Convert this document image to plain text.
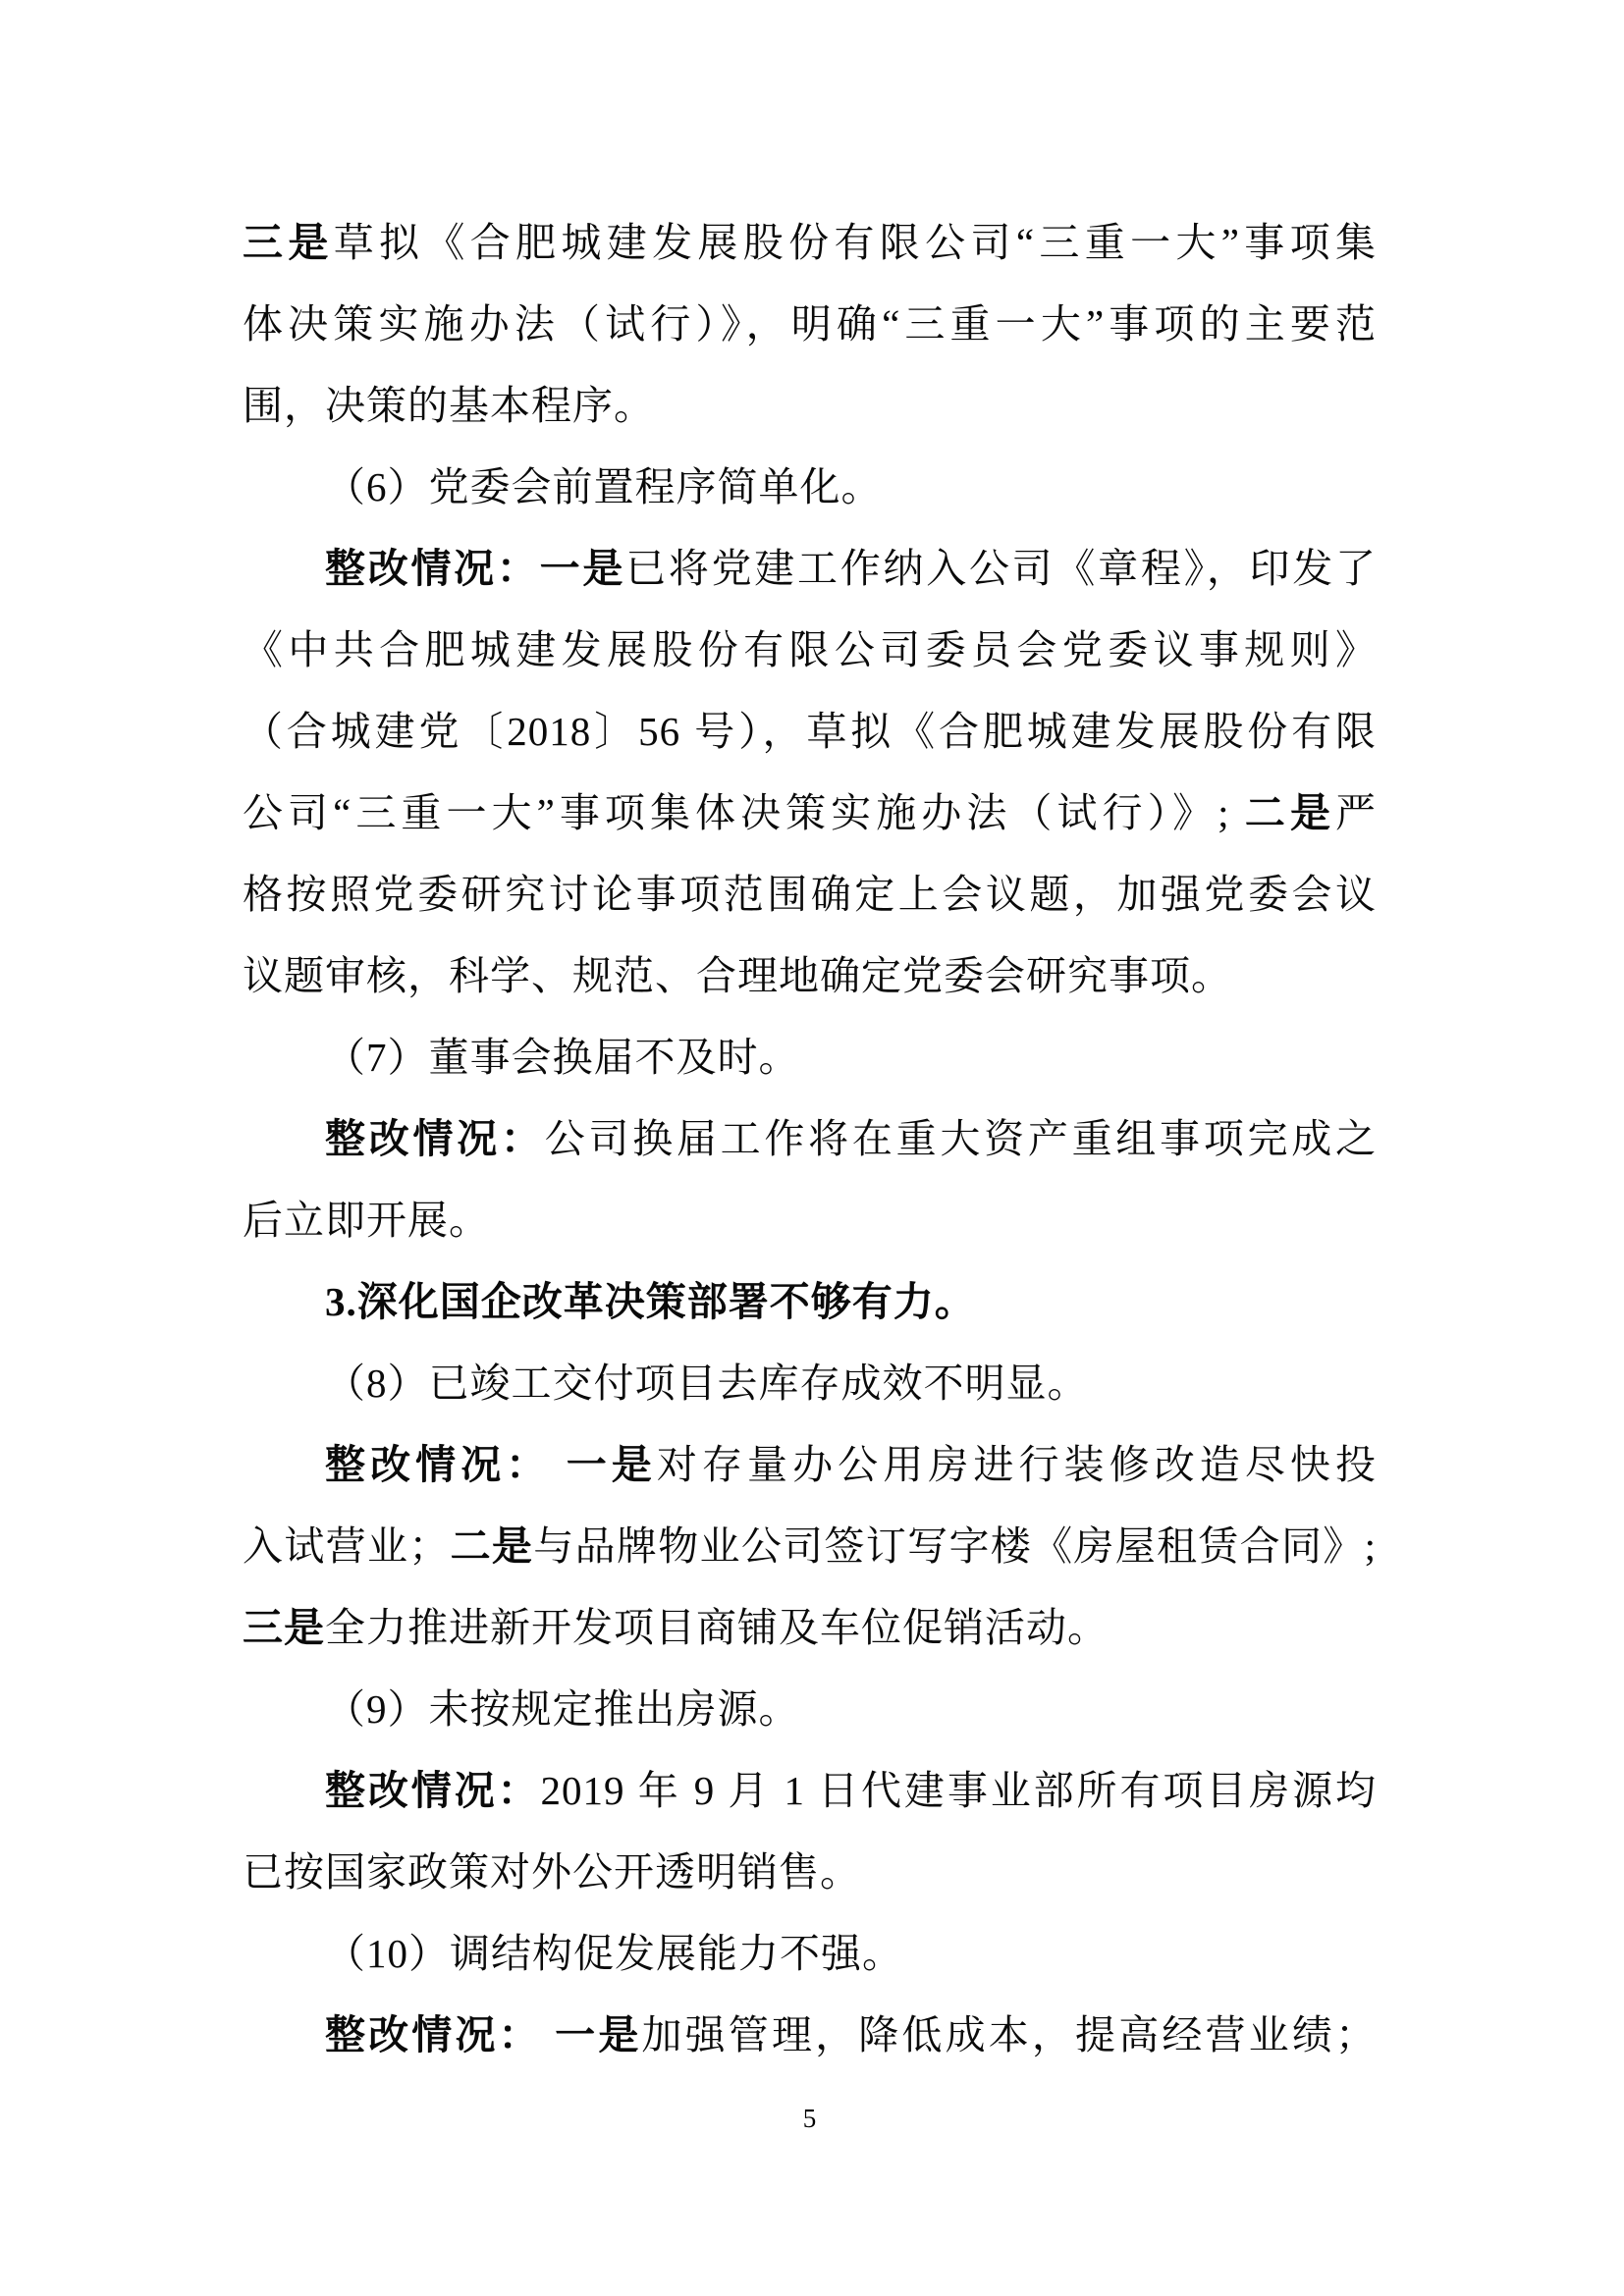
三是草拟《合肥城建发展股份有限公司“三重一大”事项集
体决策实施办法（试行）》，明确“三重一大”事项的主要范
围，决策的基本程序。
（6）党委会前置程序简单化。
整改情况：一是已将党建工作纳入公司《章程》，印发了
《中共合肥城建发展股份有限公司委员会党委议事规则》
（合城建党〔2018〕56 号），草拟《合肥城建发展股份有限
公司“三重一大”事项集体决策实施办法（试行）》; 二是严
格按照党委研究讨论事项范围确定上会议题，加强党委会议
议题审核，科学、规范、合理地确定党委会研究事项。
（7）董事会换届不及时。
整改情况：公司换届工作将在重大资产重组事项完成之
后立即开展。
3.深化国企改革决策部署不够有力。
（8）已竣工交付项目去库存成效不明显。
整改情况： 一是对存量办公用房进行装修改造尽快投
入试营业；二是与品牌物业公司签订写字楼《房屋租赁合同》;
三是全力推进新开发项目商铺及车位促销活动。
（9）未按规定推出房源。
整改情况：2019 年 9 月 1 日代建事业部所有项目房源均
已按国家政策对外公开透明销售。
（10）调结构促发展能力不强。
整改情况： 一是加强管理，降低成本，提高经营业绩；
5
